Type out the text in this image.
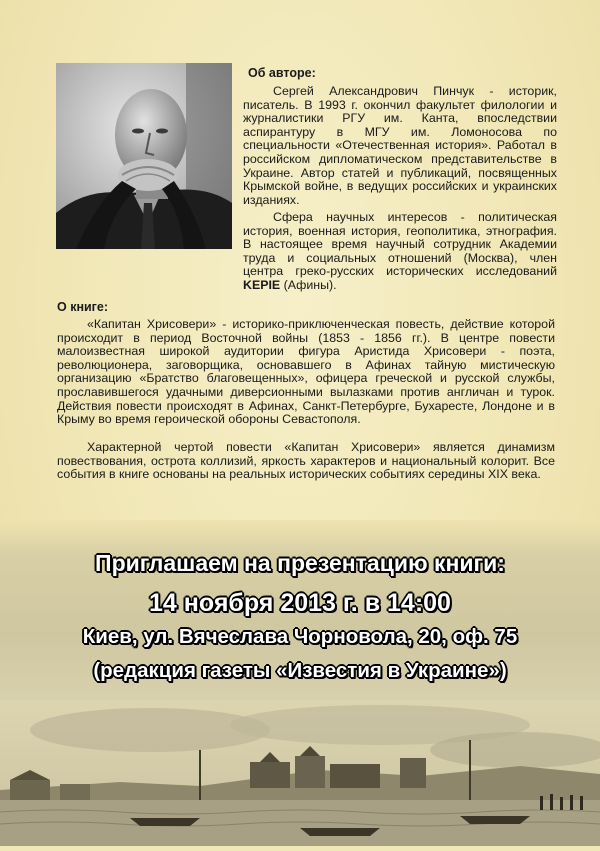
Об авторе:

Сергей Александрович Пинчук - историк, писатель. В 1993 г. окончил факультет филологии и журналистики РГУ им. Канта, впоследствии аспирантуру в МГУ им. Ломоносова по специальности «Отечественная история». Работал в российском дипломатическом представительстве в Украине. Автор статей и публикаций, посвященных Крымской войне, в ведущих российских и украинских изданиях.

Сфера научных интересов - политическая история, военная история, геополитика, этнография. В настоящее время научный сотрудник Академии труда и социальных отношений (Москва), член центра греко-русских исторических исследований KEPIE (Афины).

О книге:

«Капитан Хрисовери» - историко-приключенческая повесть, действие которой происходит в период Восточной войны (1853 - 1856 гг.). В центре повести малоизвестная широкой аудитории фигура Аристида Хрисовери - поэта, революционера, заговорщика, основавшего в Афинах тайную мистическую организацию «Братство благовещенных», офицера греческой и русской службы, прославившегося удачными диверсионными вылазками против англичан и турок. Действия повести происходят в Афинах, Санкт-Петербурге, Бухаресте, Лондоне и в Крыму во время героической обороны Севастополя.

Характерной чертой повести «Капитан Хрисовери» является динамизм повествования, острота коллизий, яркость характеров и национальный колорит. Все события в книге основаны на реальных исторических событиях середины XIX века.

Приглашаем на презентацию книги:
14 ноября 2013 г. в 14:00
Киев, ул. Вячеслава Чорновола, 20, оф. 75
(редакция газеты «Известия в Украине»)
